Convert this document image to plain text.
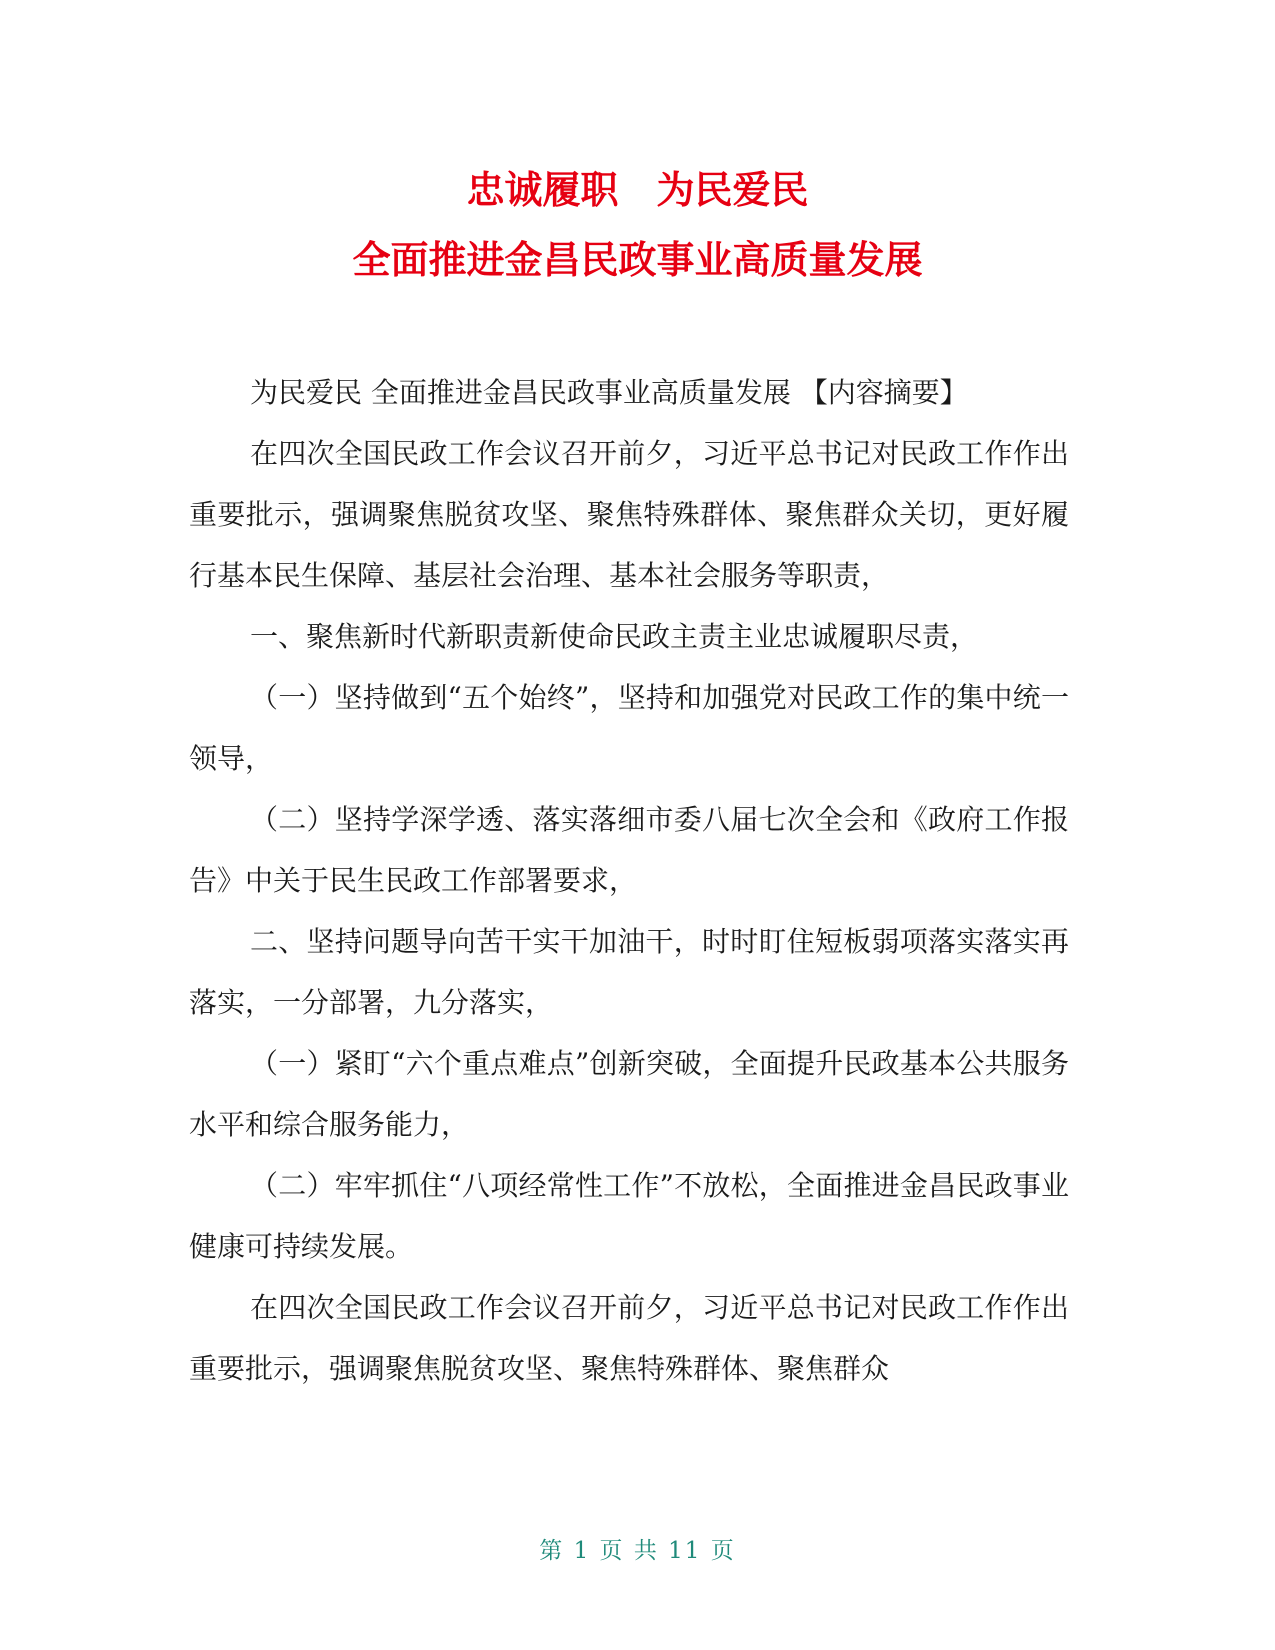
忠诚履职　为民爱民
全面推进金昌民政事业高质量发展

为民爱民 全面推进金昌民政事业高质量发展 【内容摘要】

在四次全国民政工作会议召开前夕，习近平总书记对民政工作作出重要批示，强调聚焦脱贫攻坚、聚焦特殊群体、聚焦群众关切，更好履行基本民生保障、基层社会治理、基本社会服务等职责，

一、聚焦新时代新职责新使命民政主责主业忠诚履职尽责，

（一）坚持做到“五个始终”，坚持和加强党对民政工作的集中统一领导，

（二）坚持学深学透、落实落细市委八届七次全会和《政府工作报告》中关于民生民政工作部署要求，

二、坚持问题导向苦干实干加油干，时时盯住短板弱项落实落实再落实，一分部署，九分落实，

（一）紧盯“六个重点难点”创新突破，全面提升民政基本公共服务水平和综合服务能力，

（二）牢牢抓住“八项经常性工作”不放松，全面推进金昌民政事业健康可持续发展。

在四次全国民政工作会议召开前夕，习近平总书记对民政工作作出重要批示，强调聚焦脱贫攻坚、聚焦特殊群体、聚焦群众

第 1 页 共 11 页
